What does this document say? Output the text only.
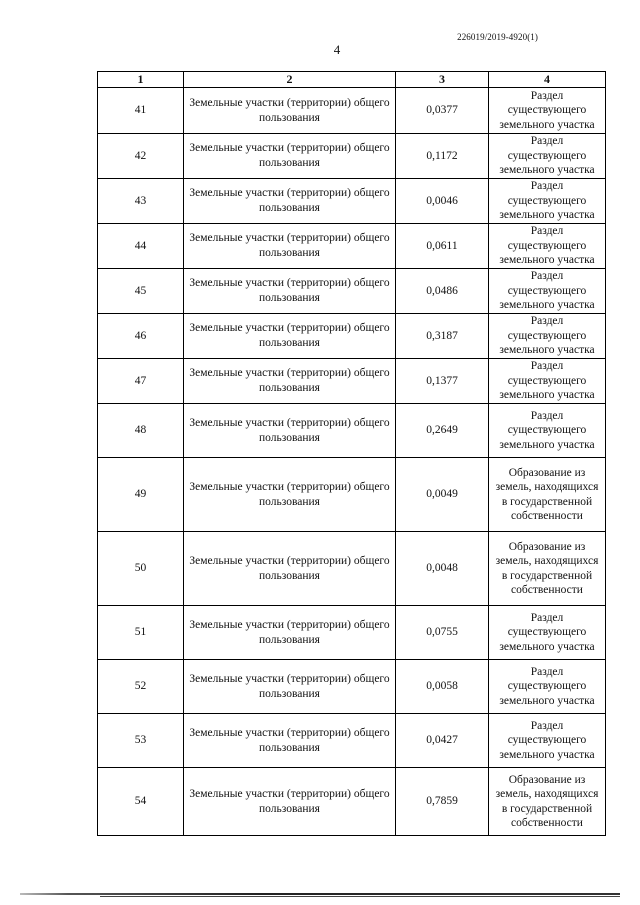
226019/2019-4920(1)
4
1	2	3	4
41	Земельные участки (территории) общего пользования	0,0377	Раздел существующего земельного участка
42	Земельные участки (территории) общего пользования	0,1172	Раздел существующего земельного участка
43	Земельные участки (территории) общего пользования	0,0046	Раздел существующего земельного участка
44	Земельные участки (территории) общего пользования	0,0611	Раздел существующего земельного участка
45	Земельные участки (территории) общего пользования	0,0486	Раздел существующего земельного участка
46	Земельные участки (территории) общего пользования	0,3187	Раздел существующего земельного участка
47	Земельные участки (территории) общего пользования	0,1377	Раздел существующего земельного участка
48	Земельные участки (территории) общего пользования	0,2649	Раздел существующего земельного участка
49	Земельные участки (территории) общего пользования	0,0049	Образование из земель, находящихся в государственной собственности
50	Земельные участки (территории) общего пользования	0,0048	Образование из земель, находящихся в государственной собственности
51	Земельные участки (территории) общего пользования	0,0755	Раздел существующего земельного участка
52	Земельные участки (территории) общего пользования	0,0058	Раздел существующего земельного участка
53	Земельные участки (территории) общего пользования	0,0427	Раздел существующего земельного участка
54	Земельные участки (территории) общего пользования	0,7859	Образование из земель, находящихся в государственной собственности
